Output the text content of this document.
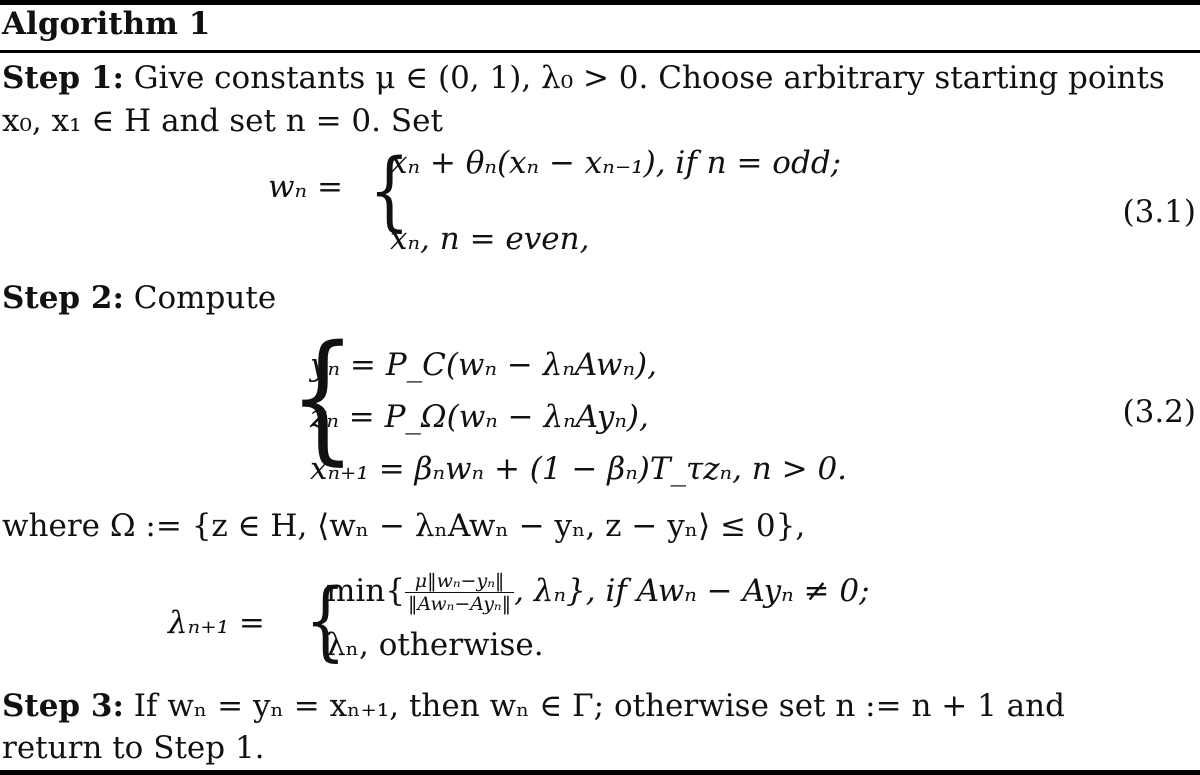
Algorithm 1
Step 1: Give constants μ ∈ (0, 1), λ₀ > 0. Choose arbitrary starting points
x₀, x₁ ∈ H and set n = 0. Set
wₙ = {
xₙ + θₙ(xₙ − xₙ₋₁), if n = odd;
xₙ, n = even,
(3.1)
Step 2: Compute
{
yₙ = P_C(wₙ − λₙAwₙ),
zₙ = P_Ω(wₙ − λₙAyₙ),
xₙ₊₁ = βₙwₙ + (1 − βₙ)T_τzₙ, n > 0.
(3.2)
where Ω := {z ∈ H, ⟨wₙ − λₙAwₙ − yₙ, z − yₙ⟩ ≤ 0},
λₙ₊₁ = {
$\min\{ \frac{\text{μ‖wₙ−yₙ‖}}{\text{‖Awₙ−Ayₙ‖}}$ , λₙ}, if Awₙ − Ayₙ ≠ 0;
λₙ, otherwise.
Step 3: If wₙ = yₙ = xₙ₊₁, then wₙ ∈ Γ; otherwise set n := n + 1 and
return to Step 1.
